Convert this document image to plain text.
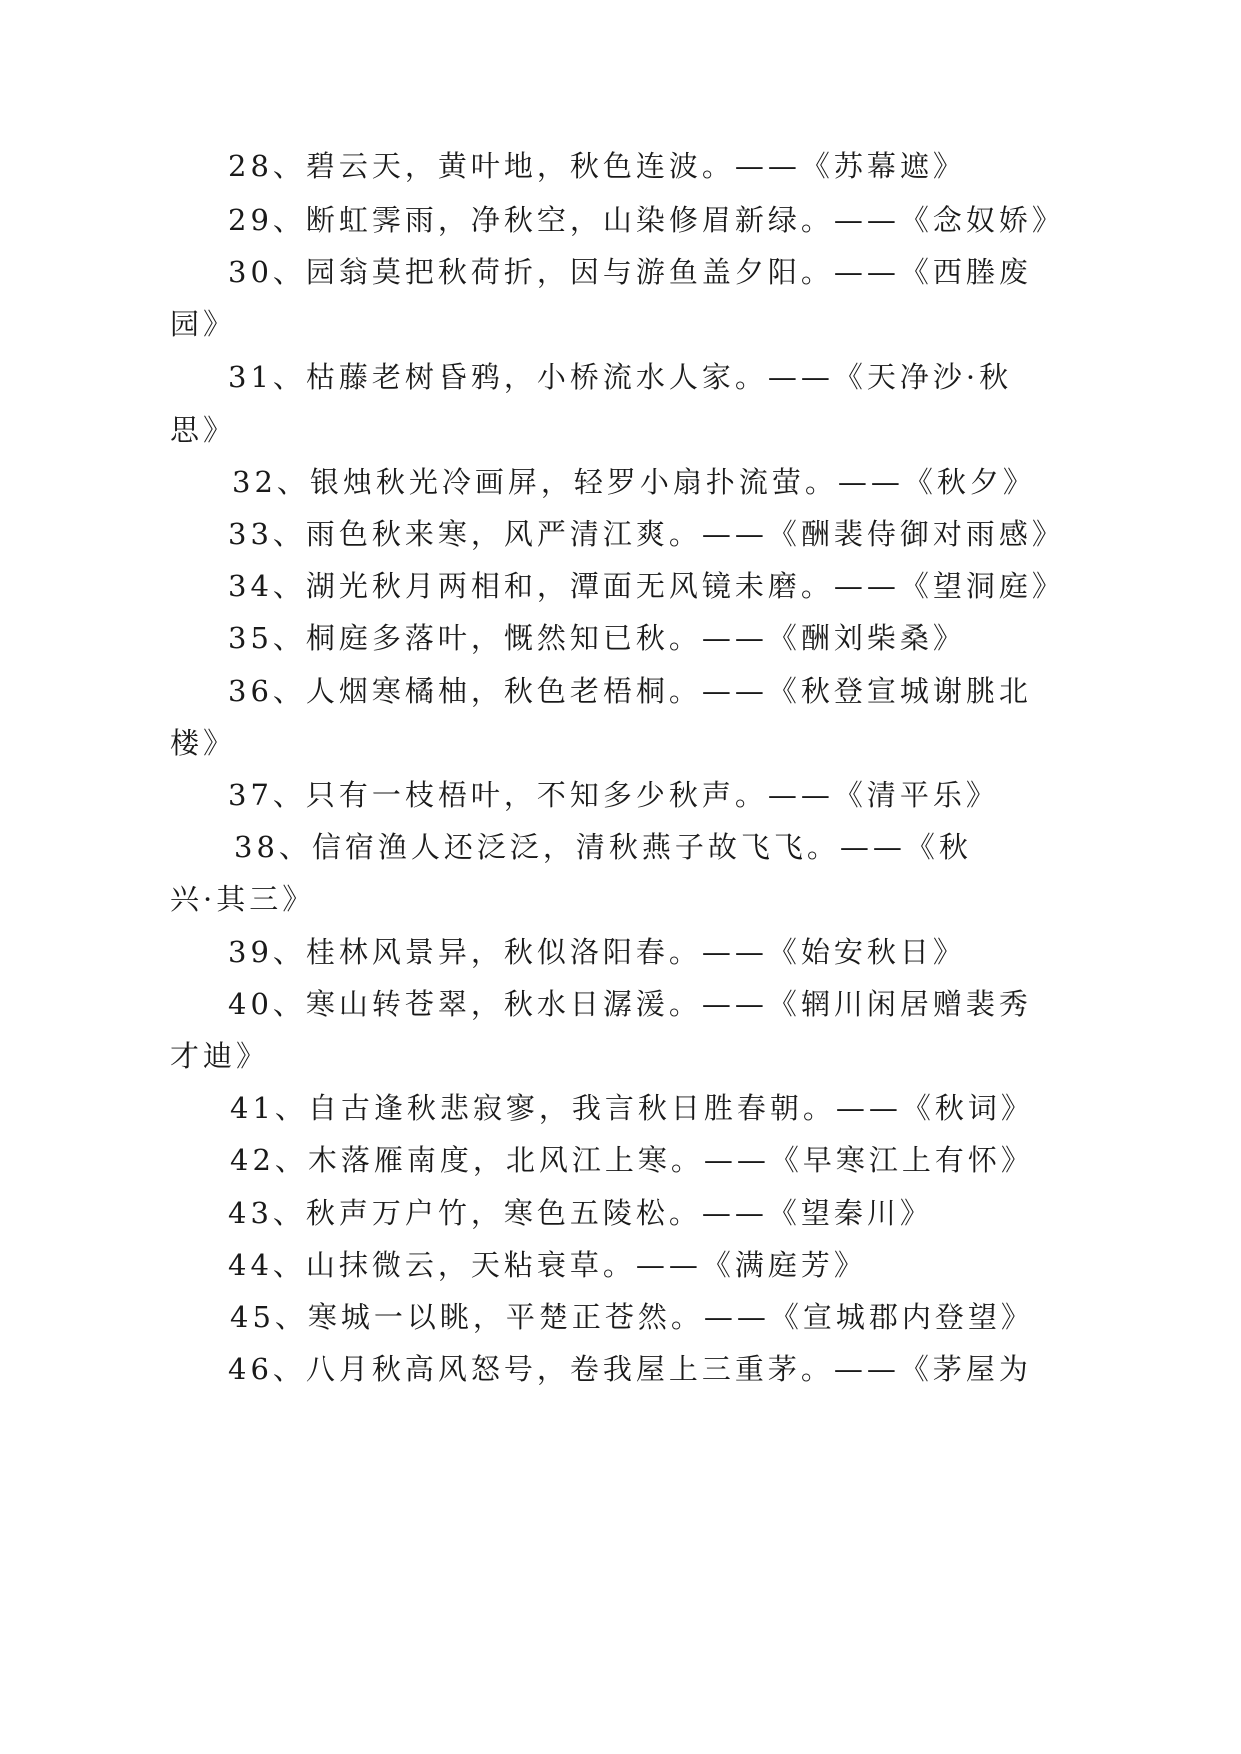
28、碧云天，黄叶地，秋色连波。——《苏幕遮》
29、断虹霁雨，净秋空，山染修眉新绿。——《念奴娇》
30、园翁莫把秋荷折，因与游鱼盖夕阳。——《西塍废
园》
31、枯藤老树昏鸦，小桥流水人家。——《天净沙·秋
思》
32、银烛秋光冷画屏，轻罗小扇扑流萤。——《秋夕》
33、雨色秋来寒，风严清江爽。——《酬裴侍御对雨感》
34、湖光秋月两相和，潭面无风镜未磨。——《望洞庭》
35、桐庭多落叶，慨然知已秋。——《酬刘柴桑》
36、人烟寒橘柚，秋色老梧桐。——《秋登宣城谢朓北
楼》
37、只有一枝梧叶，不知多少秋声。——《清平乐》
38、信宿渔人还泛泛，清秋燕子故飞飞。——《秋
兴·其三》
39、桂林风景异，秋似洛阳春。——《始安秋日》
40、寒山转苍翠，秋水日潺湲。——《辋川闲居赠裴秀
才迪》
41、自古逢秋悲寂寥，我言秋日胜春朝。——《秋词》
42、木落雁南度，北风江上寒。——《早寒江上有怀》
43、秋声万户竹，寒色五陵松。——《望秦川》
44、山抹微云，天粘衰草。——《满庭芳》
45、寒城一以眺，平楚正苍然。——《宣城郡内登望》
46、八月秋高风怒号，卷我屋上三重茅。——《茅屋为
